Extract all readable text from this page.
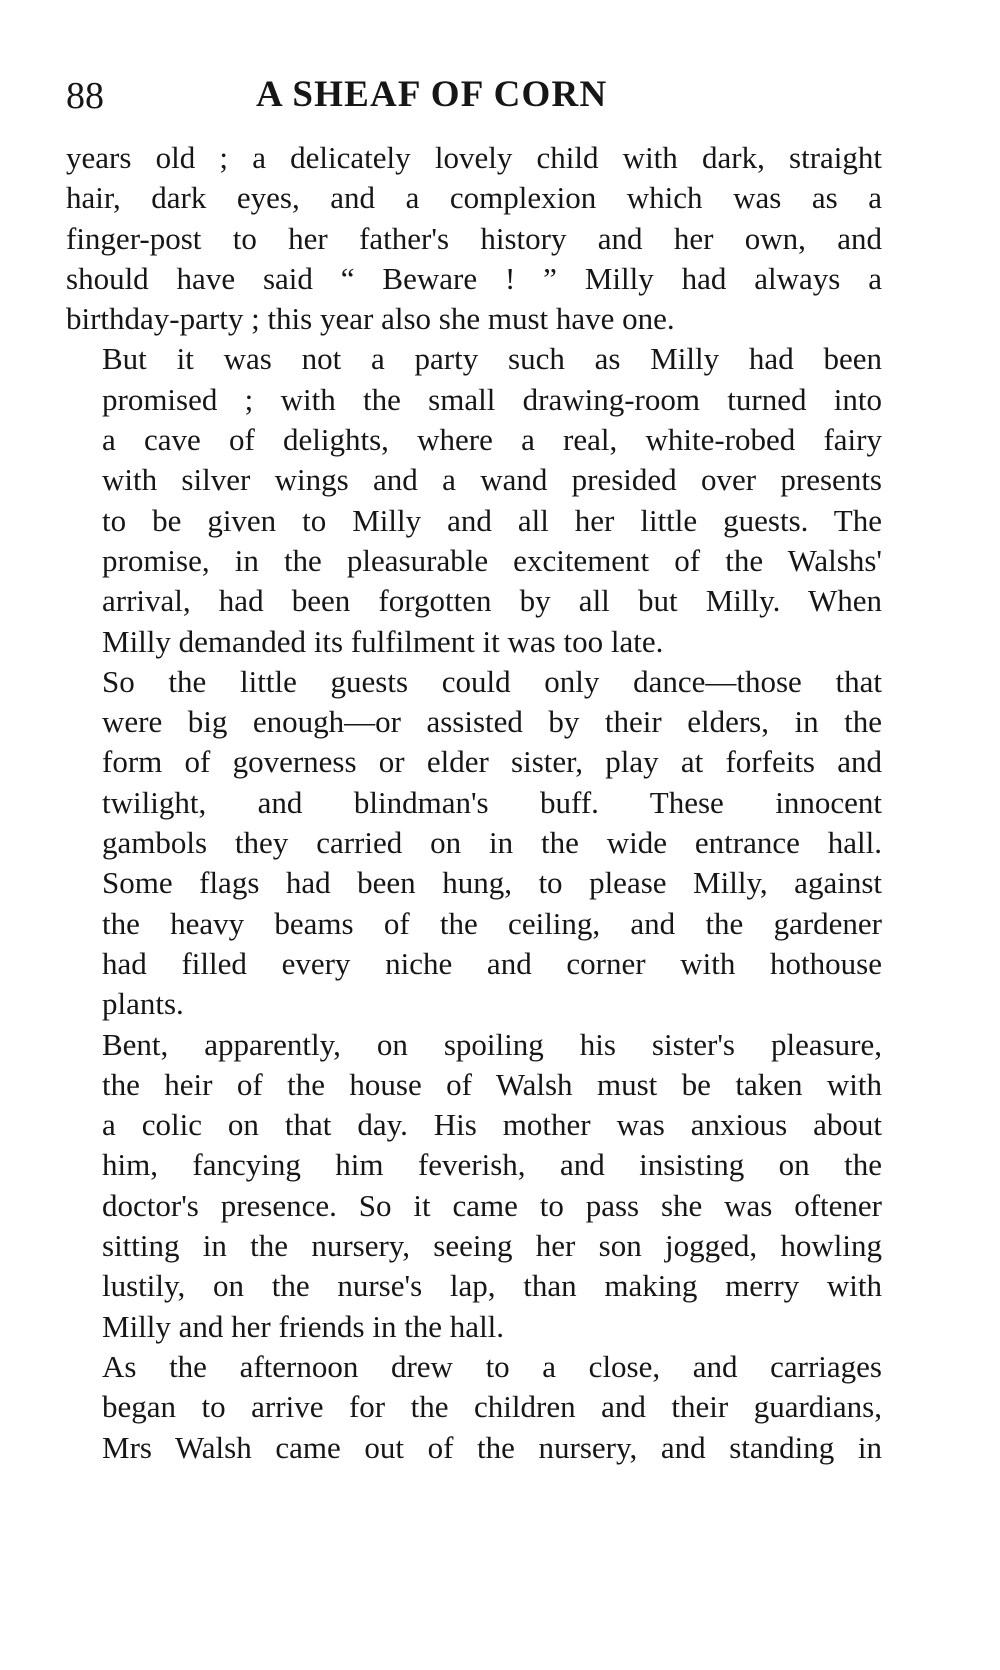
88	A SHEAF OF CORN

years old ; a delicately lovely child with dark, straight
hair, dark eyes, and a complexion which was as a
finger-post to her father's history and her own, and
should have said “ Beware ! ” Milly had always a
birthday-party ; this year also she must have one.

But it was not a party such as Milly had been
promised ; with the small drawing-room turned into
a cave of delights, where a real, white-robed fairy
with silver wings and a wand presided over presents
to be given to Milly and all her little guests. The
promise, in the pleasurable excitement of the Walshs'
arrival, had been forgotten by all but Milly. When
Milly demanded its fulfilment it was too late.

So the little guests could only dance—those that
were big enough—or assisted by their elders, in the
form of governess or elder sister, play at forfeits and
twilight, and blindman's buff. These innocent
gambols they carried on in the wide entrance hall.
Some flags had been hung, to please Milly, against
the heavy beams of the ceiling, and the gardener
had filled every niche and corner with hothouse
plants.

Bent, apparently, on spoiling his sister's pleasure,
the heir of the house of Walsh must be taken with
a colic on that day. His mother was anxious about
him, fancying him feverish, and insisting on the
doctor's presence. So it came to pass she was oftener
sitting in the nursery, seeing her son jogged, howling
lustily, on the nurse's lap, than making merry with
Milly and her friends in the hall.

As the afternoon drew to a close, and carriages
began to arrive for the children and their guardians,
Mrs Walsh came out of the nursery, and standing in
